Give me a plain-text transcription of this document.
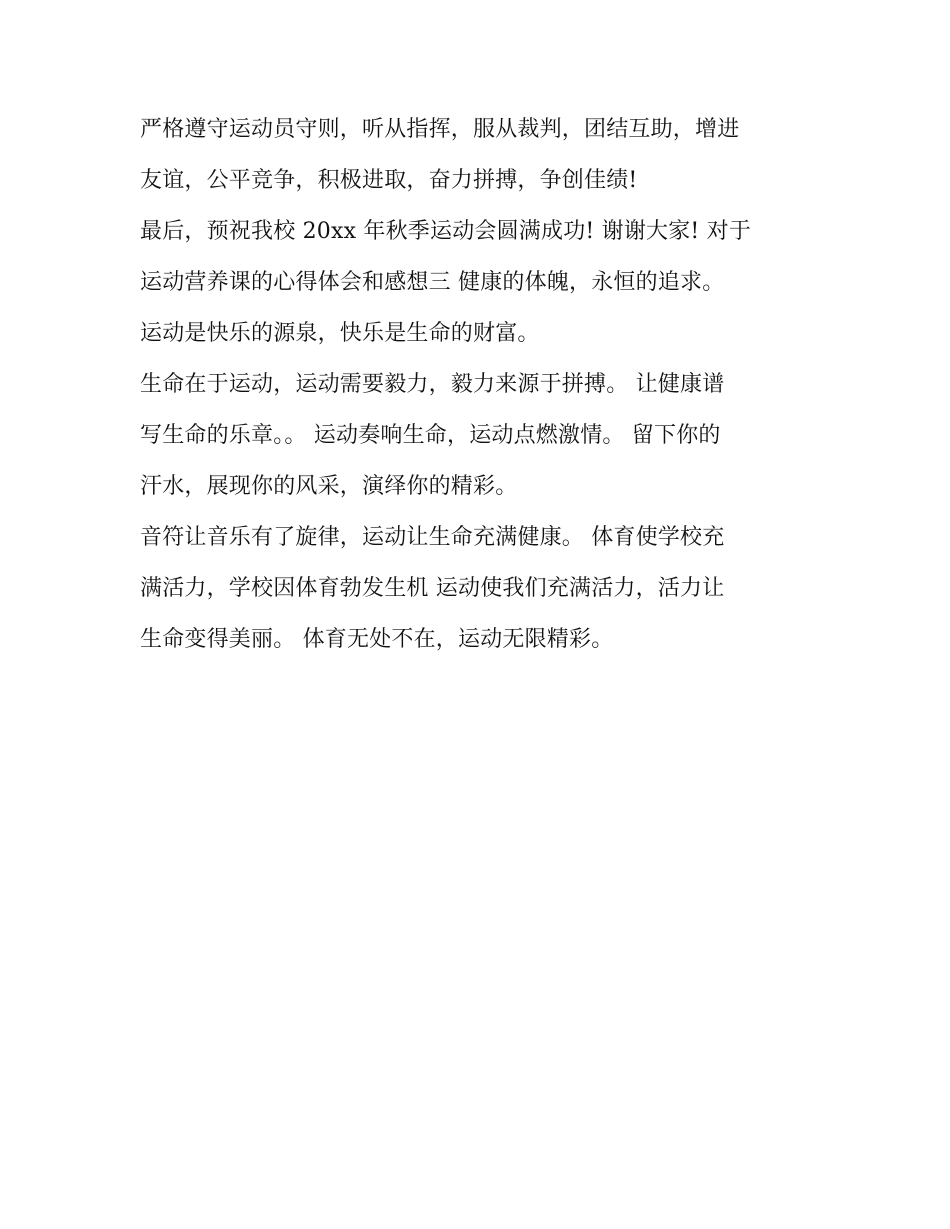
严格遵守运动员守则，听从指挥，服从裁判，团结互助，增进
友谊，公平竞争，积极进取，奋力拼搏，争创佳绩!
最后，预祝我校 20xx 年秋季运动会圆满成功! 谢谢大家! 对于
运动营养课的心得体会和感想三 健康的体魄，永恒的追求。
运动是快乐的源泉，快乐是生命的财富。
生命在于运动，运动需要毅力，毅力来源于拼搏。 让健康谱
写生命的乐章。。 运动奏响生命，运动点燃激情。 留下你的
汗水，展现你的风采，演绎你的精彩。
音符让音乐有了旋律，运动让生命充满健康。 体育使学校充
满活力，学校因体育勃发生机 运动使我们充满活力，活力让
生命变得美丽。 体育无处不在，运动无限精彩。
